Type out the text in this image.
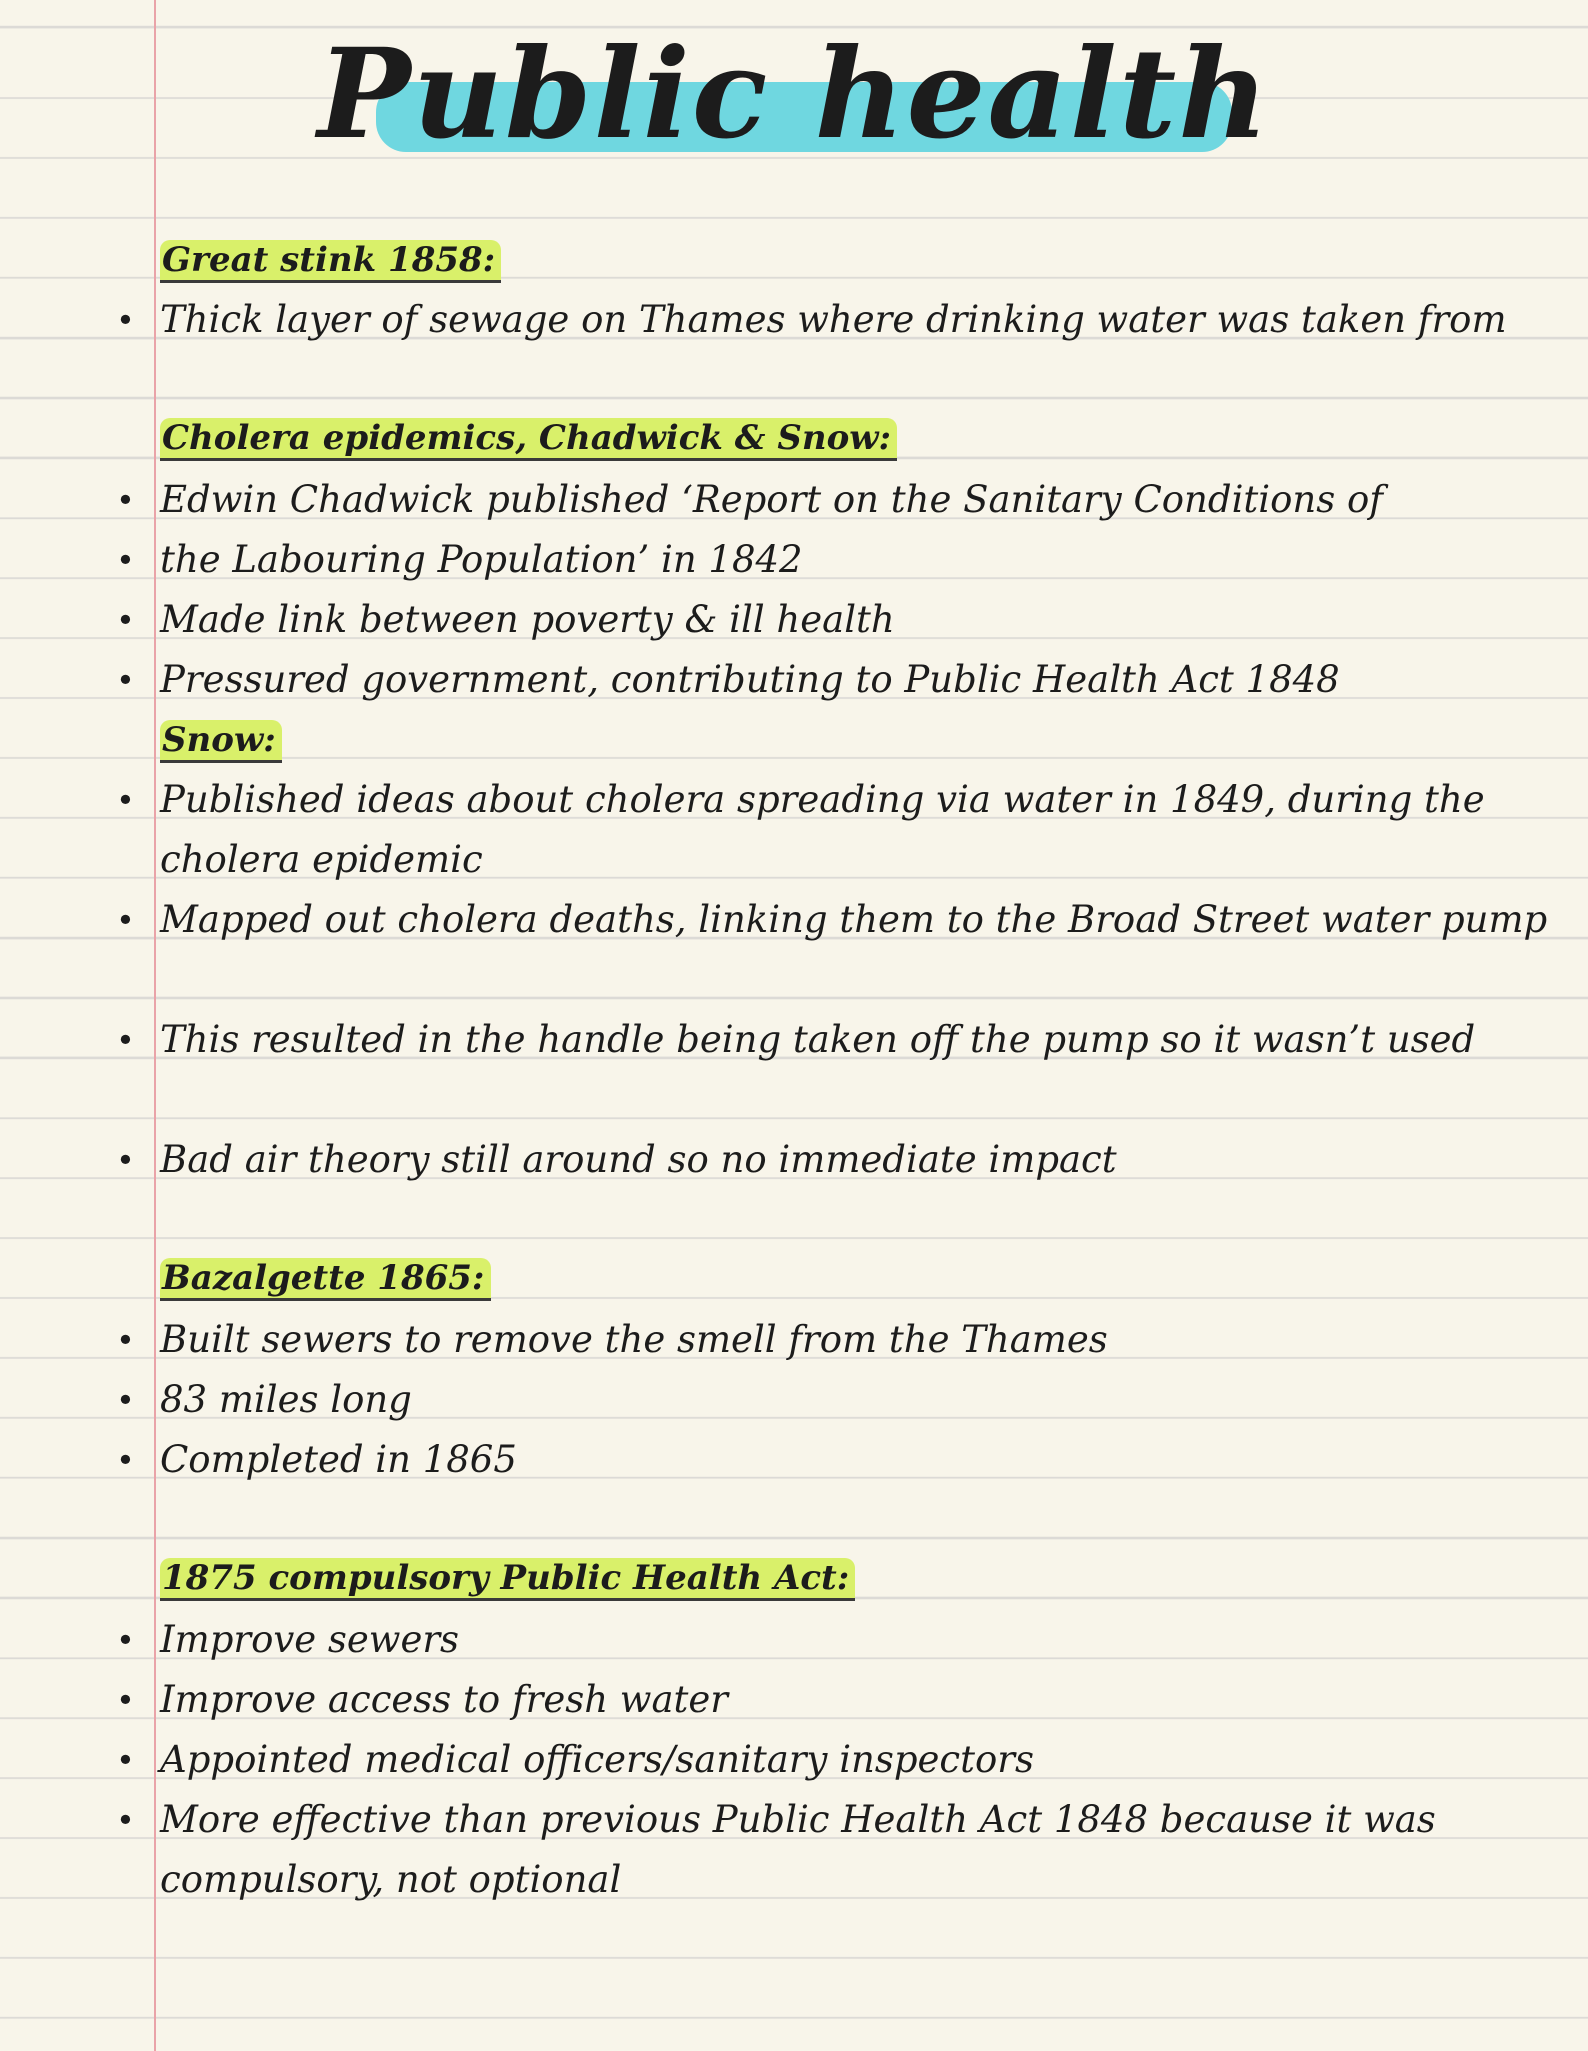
Public health
Great stink 1858:
• Thick layer of sewage on Thames where drinking water was taken from
Cholera epidemics, Chadwick & Snow:
• Edwin Chadwick published ‘Report on the Sanitary Conditions of
• the Labouring Population’ in 1842
• Made link between poverty & ill health
• Pressured government, contributing to Public Health Act 1848
Snow:
• Published ideas about cholera spreading via water in 1849, during the cholera epidemic
• Mapped out cholera deaths, linking them to the Broad Street water pump
• This resulted in the handle being taken off the pump so it wasn’t used
• Bad air theory still around so no immediate impact
Bazalgette 1865:
• Built sewers to remove the smell from the Thames
• 83 miles long
• Completed in 1865
1875 compulsory Public Health Act:
• Improve sewers
• Improve access to fresh water
• Appointed medical officers/sanitary inspectors
• More effective than previous Public Health Act 1848 because it was compulsory, not optional
